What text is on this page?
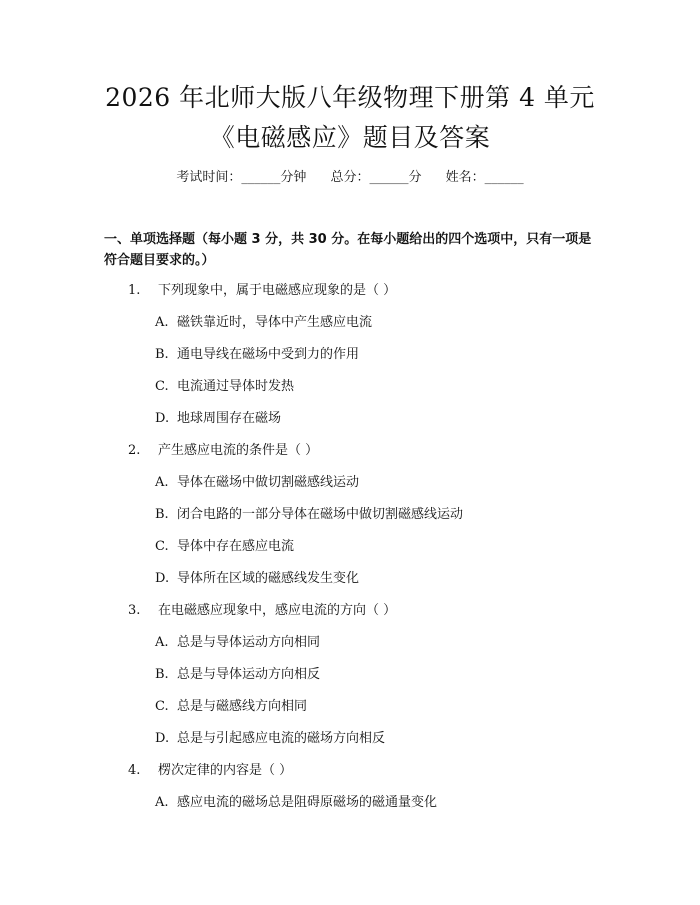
2026 年北师大版八年级物理下册第 4 单元
《电磁感应》题目及答案
考试时间：______分钟 总分：______分 姓名：______
一、单项选择题（每小题 3 分，共 30 分。在每小题给出的四个选项中，只有一项是符合题目要求的。）
1. 下列现象中，属于电磁感应现象的是（ ）
A. 磁铁靠近时，导体中产生感应电流
B. 通电导线在磁场中受到力的作用
C. 电流通过导体时发热
D. 地球周围存在磁场
2. 产生感应电流的条件是（ ）
A. 导体在磁场中做切割磁感线运动
B. 闭合电路的一部分导体在磁场中做切割磁感线运动
C. 导体中存在感应电流
D. 导体所在区域的磁感线发生变化
3. 在电磁感应现象中，感应电流的方向（ ）
A. 总是与导体运动方向相同
B. 总是与导体运动方向相反
C. 总是与磁感线方向相同
D. 总是与引起感应电流的磁场方向相反
4. 楞次定律的内容是（ ）
A. 感应电流的磁场总是阻碍原磁场的磁通量变化
